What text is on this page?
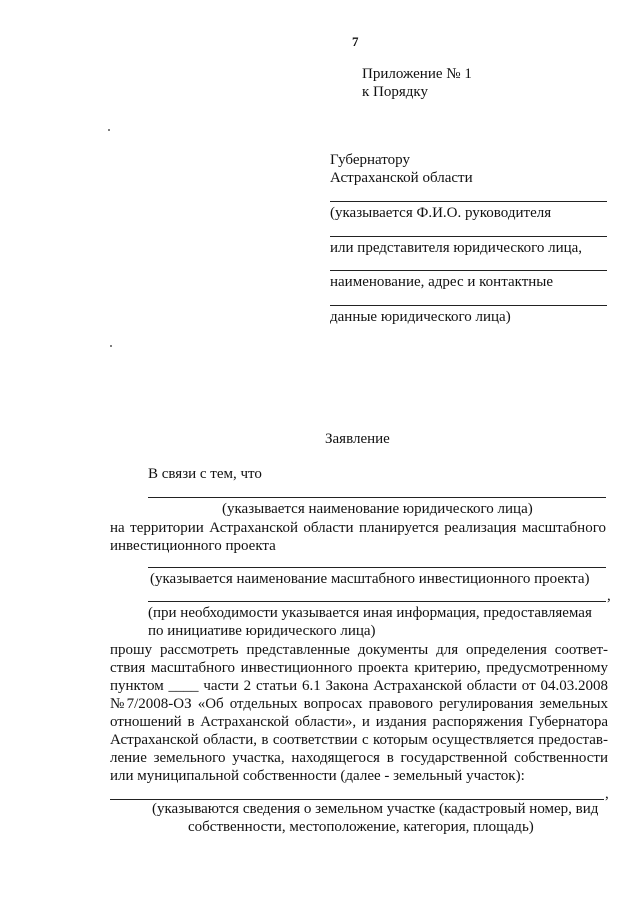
7
Приложение № 1
к Порядку
Губернатору
Астраханской области
(указывается Ф.И.О. руководителя
или представителя юридического лица,
наименование, адрес и контактные
данные юридического лица)
Заявление
В связи с тем, что
(указывается наименование юридического лица)
на территории Астраханской области планируется реализация масштабного
инвестиционного проекта
(указывается наименование масштабного инвестиционного проекта)
,
(при необходимости указывается иная информация, предоставляемая
по инициативе юридического лица)
прошу рассмотреть представленные документы для определения соответ-
ствия масштабного инвестиционного проекта критерию, предусмотренному
пунктом ____ части 2 статьи 6.1 Закона Астраханской области от 04.03.2008
№7/2008-ОЗ «Об отдельных вопросах правового регулирования земельных
отношений в Астраханской области», и издания распоряжения Губернатора
Астраханской области, в соответствии с которым осуществляется предостав-
ление земельного участка, находящегося в государственной собственности
или муниципальной собственности (далее - земельный участок):
,
(указываются сведения о земельном участке (кадастровый номер, вид
собственности, местоположение, категория, площадь)
